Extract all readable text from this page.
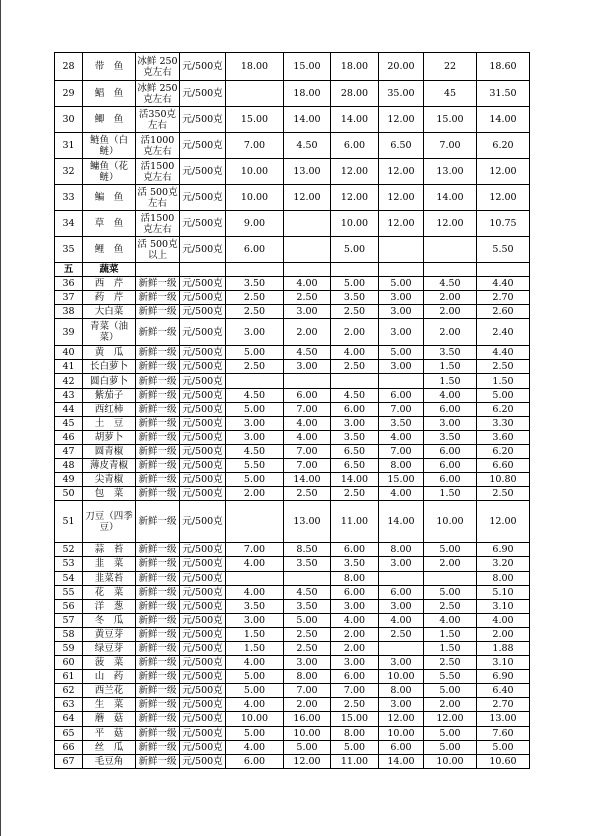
28	带　鱼	冰鲜 250克左右	元/500克	18.00	15.00	18.00	20.00	22	18.60
29	鲳　鱼	冰鲜 250克左右	元/500克		18.00	28.00	35.00	45	31.50
30	鲫　鱼	活350克左右	元/500克	15.00	14.00	14.00	12.00	15.00	14.00
31	鲢鱼（白鲢）	活1000克左右	元/500克	7.00	4.50	6.00	6.50	7.00	6.20
32	鳙鱼（花鲢）	活1500克左右	元/500克	10.00	13.00	12.00	12.00	13.00	12.00
33	鳊　鱼	活 500克左右	元/500克	10.00	12.00	12.00	12.00	14.00	12.00
34	草　鱼	活1500克左右	元/500克	9.00		10.00	12.00	12.00	10.75
35	鲤　鱼	活 500克以上	元/500克	6.00		5.00			5.50
五	蔬菜								
36	西　芹	新鲜一级	元/500克	3.50	4.00	5.00	5.00	4.50	4.40
37	药　芹	新鲜一级	元/500克	2.50	2.50	3.50	3.00	2.00	2.70
38	大白菜	新鲜一级	元/500克	2.50	3.00	2.50	3.00	2.00	2.60
39	青菜（油菜）	新鲜一级	元/500克	3.00	2.00	2.00	3.00	2.00	2.40
40	黄　瓜	新鲜一级	元/500克	5.00	4.50	4.00	5.00	3.50	4.40
41	长白萝卜	新鲜一级	元/500克	2.50	3.00	2.50	3.00	1.50	2.50
42	圆白萝卜	新鲜一级	元/500克					1.50	1.50
43	紫茄子	新鲜一级	元/500克	4.50	6.00	4.50	6.00	4.00	5.00
44	西红柿	新鲜一级	元/500克	5.00	7.00	6.00	7.00	6.00	6.20
45	土　豆	新鲜一级	元/500克	3.00	4.00	3.00	3.50	3.00	3.30
46	胡萝卜	新鲜一级	元/500克	3.00	4.00	3.50	4.00	3.50	3.60
47	圆青椒	新鲜一级	元/500克	4.50	7.00	6.50	7.00	6.00	6.20
48	薄皮青椒	新鲜一级	元/500克	5.50	7.00	6.50	8.00	6.00	6.60
49	尖青椒	新鲜一级	元/500克	5.00	14.00	14.00	15.00	6.00	10.80
50	包　菜	新鲜一级	元/500克	2.00	2.50	2.50	4.00	1.50	2.50
51	刀豆（四季豆）	新鲜一级	元/500克		13.00	11.00	14.00	10.00	12.00
52	蒜　苔	新鲜一级	元/500克	7.00	8.50	6.00	8.00	5.00	6.90
53	韭　菜	新鲜一级	元/500克	4.00	3.50	3.50	3.00	2.00	3.20
54	韭菜苔	新鲜一级	元/500克			8.00			8.00
55	花　菜	新鲜一级	元/500克	4.00	4.50	6.00	6.00	5.00	5.10
56	洋　葱	新鲜一级	元/500克	3.50	3.50	3.00	3.00	2.50	3.10
57	冬　瓜	新鲜一级	元/500克	3.00	5.00	4.00	4.00	4.00	4.00
58	黄豆芽	新鲜一级	元/500克	1.50	2.50	2.00	2.50	1.50	2.00
59	绿豆芽	新鲜一级	元/500克	1.50	2.50	2.00		1.50	1.88
60	菠　菜	新鲜一级	元/500克	4.00	3.00	3.00	3.00	2.50	3.10
61	山　药	新鲜一级	元/500克	5.00	8.00	6.00	10.00	5.50	6.90
62	西兰花	新鲜一级	元/500克	5.00	7.00	7.00	8.00	5.00	6.40
63	生　菜	新鲜一级	元/500克	4.00	2.00	2.50	3.00	2.00	2.70
64	蘑　菇	新鲜一级	元/500克	10.00	16.00	15.00	12.00	12.00	13.00
65	平　菇	新鲜一级	元/500克	5.00	10.00	8.00	10.00	5.00	7.60
66	丝　瓜	新鲜一级	元/500克	4.00	5.00	5.00	6.00	5.00	5.00
67	毛豆角	新鲜一级	元/500克	6.00	12.00	11.00	14.00	10.00	10.60
